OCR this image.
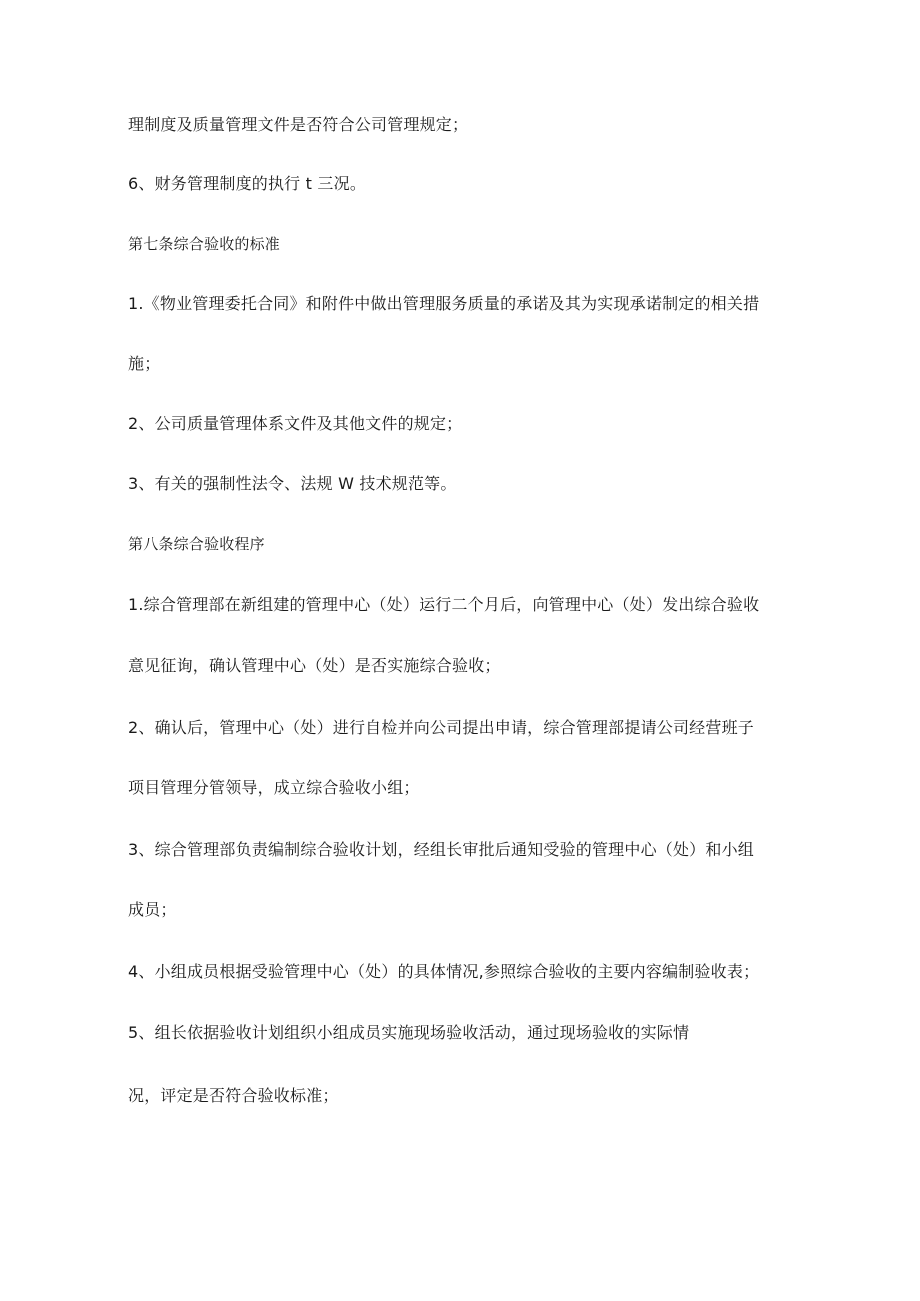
理制度及质量管理文件是否符合公司管理规定；
6、财务管理制度的执行 t 三况。
第七条综合验收的标准
1.《物业管理委托合同》和附件中做出管理服务质量的承诺及其为实现承诺制定的相关措
施；
2、公司质量管理体系文件及其他文件的规定；
3、有关的强制性法令、法规 W 技术规范等。
第八条综合验收程序
1.综合管理部在新组建的管理中心（处）运行二个月后，向管理中心（处）发出综合验收
意见征询，确认管理中心（处）是否实施综合验收；
2、确认后，管理中心（处）进行自检并向公司提出申请，综合管理部提请公司经营班子
项目管理分管领导，成立综合验收小组；
3、综合管理部负责编制综合验收计划，经组长审批后通知受验的管理中心（处）和小组
成员；
4、小组成员根据受验管理中心（处）的具体情况,参照综合验收的主要内容编制验收表；
5、组长依据验收计划组织小组成员实施现场验收活动，通过现场验收的实际情
况，评定是否符合验收标准；
